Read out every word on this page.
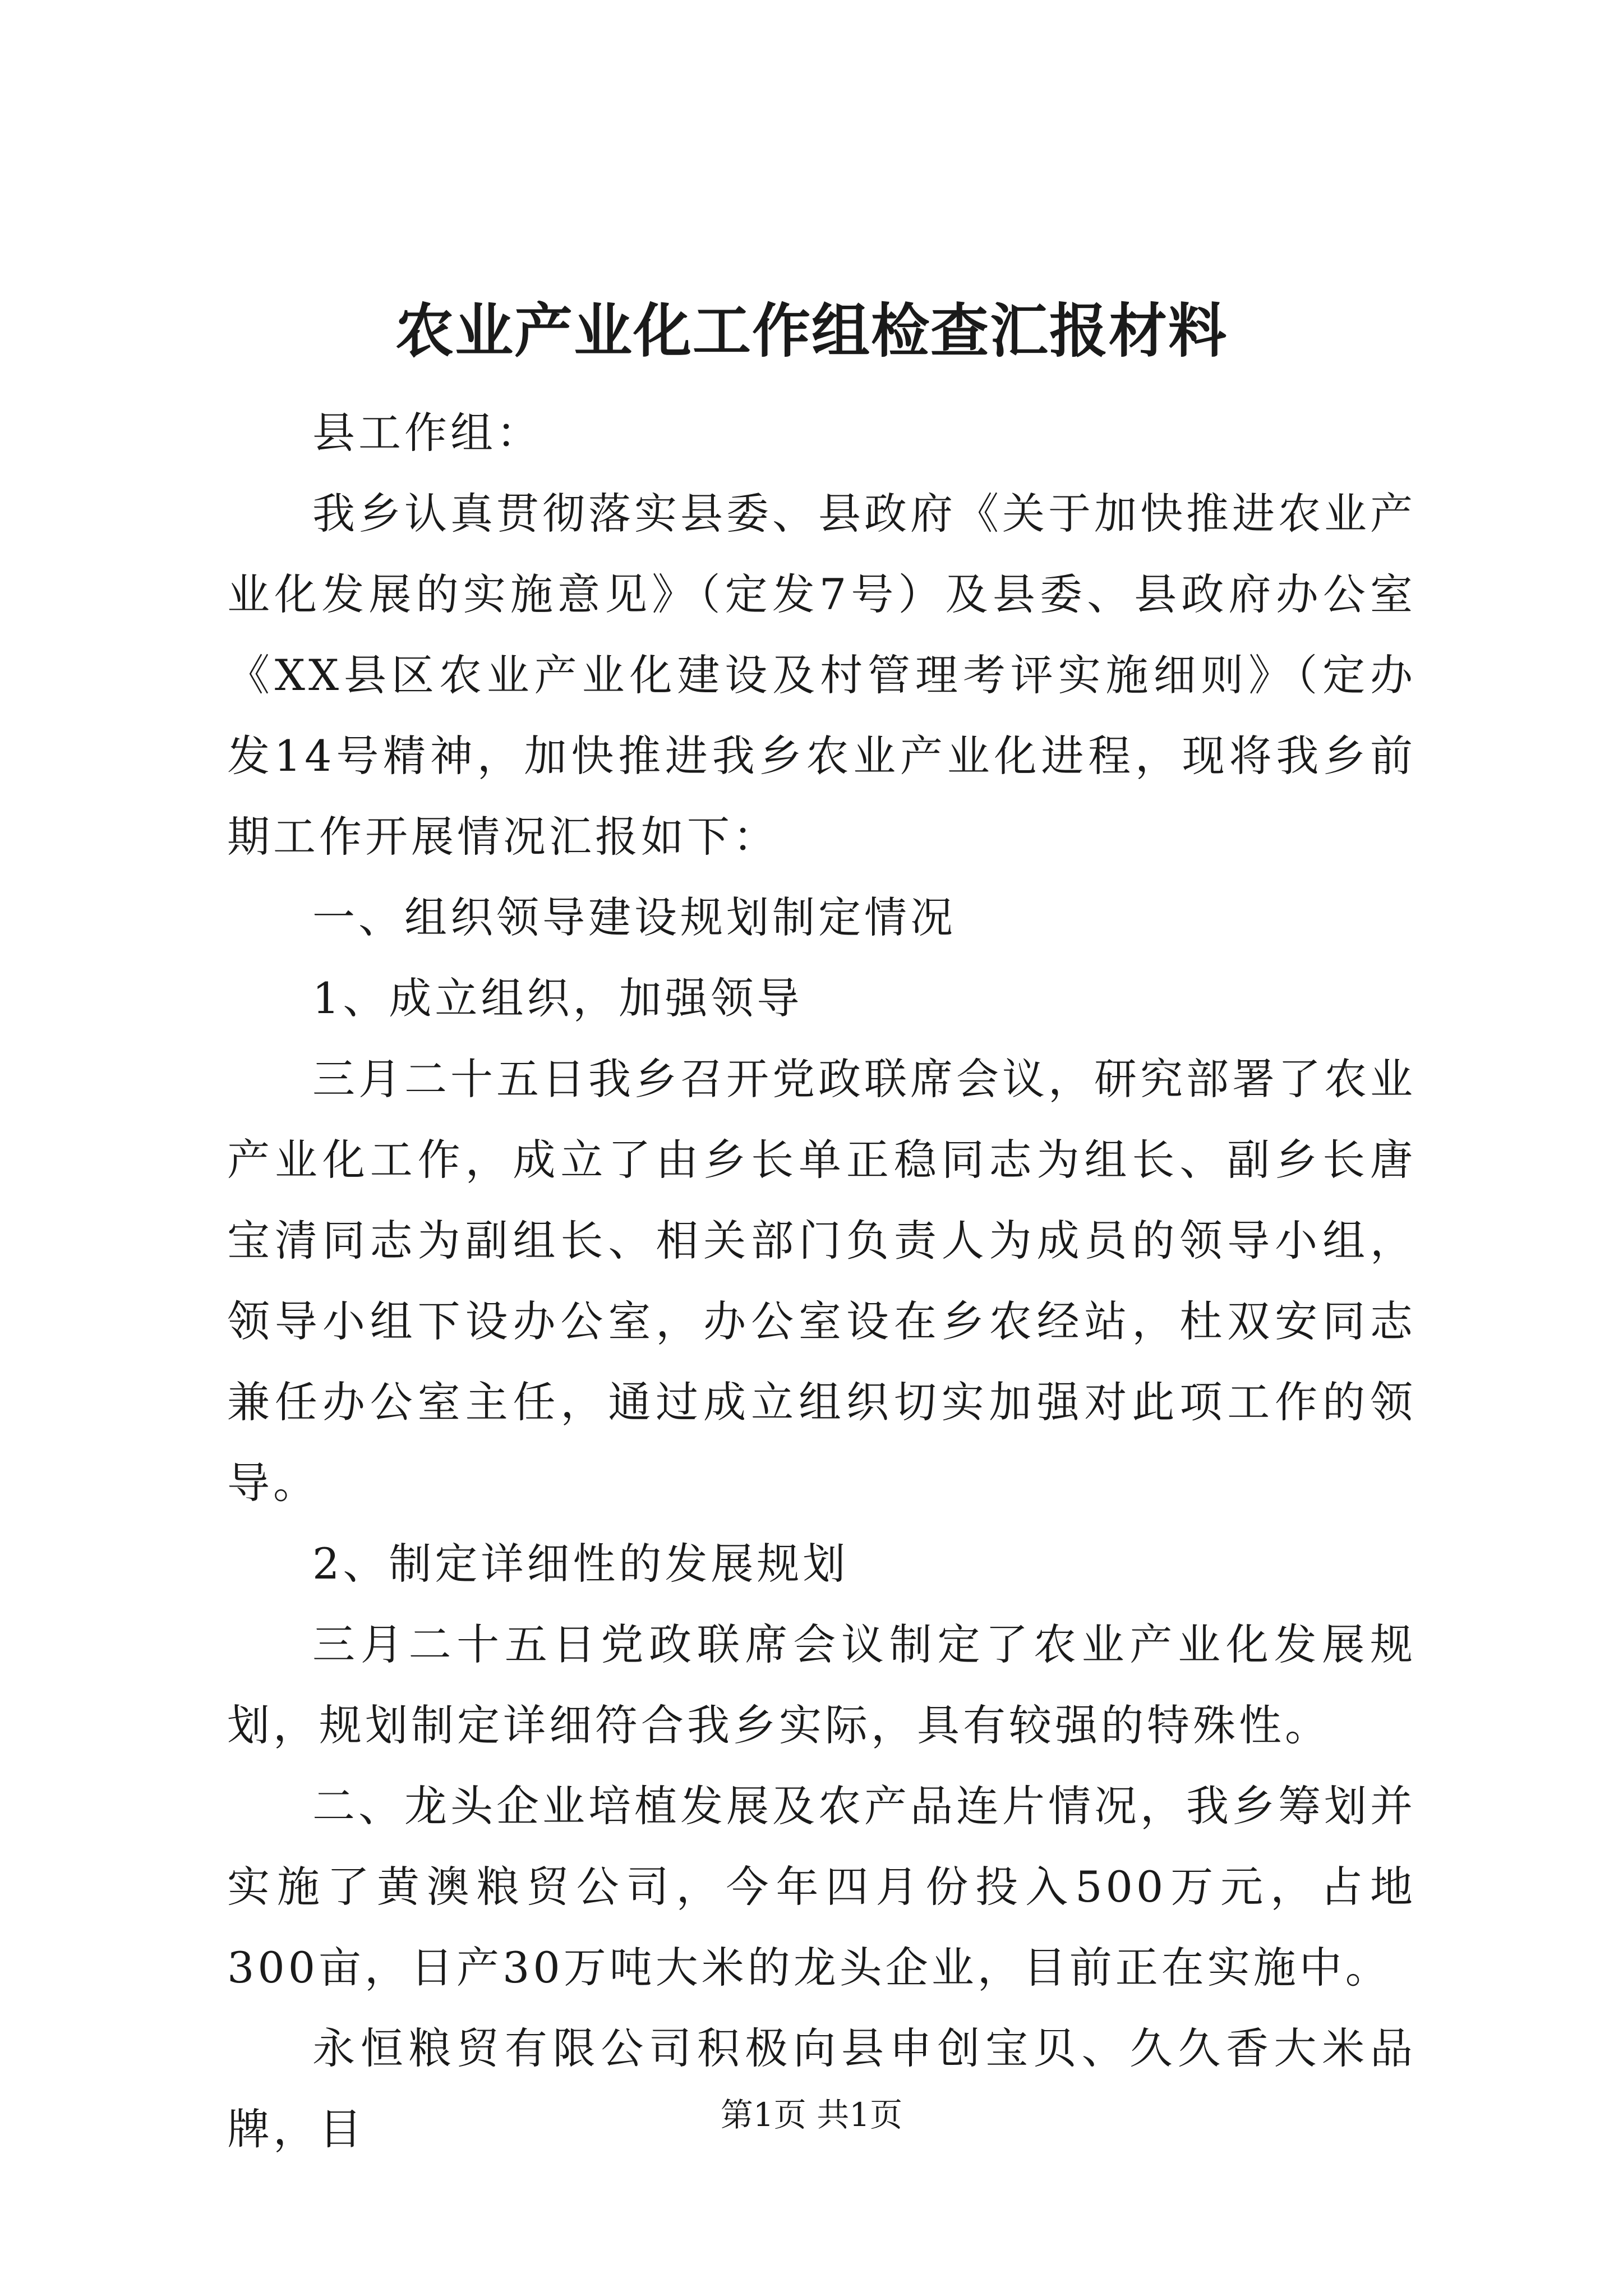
农业产业化工作组检查汇报材料

县工作组：

我乡认真贯彻落实县委、县政府《关于加快推进农业产业化发展的实施意见》（定发7号）及县委、县政府办公室《XX县区农业产业化建设及村管理考评实施细则》（定办发14号精神，加快推进我乡农业产业化进程，现将我乡前期工作开展情况汇报如下：

一、组织领导建设规划制定情况

1、成立组织，加强领导

三月二十五日我乡召开党政联席会议，研究部署了农业产业化工作，成立了由乡长单正稳同志为组长、副乡长唐宝清同志为副组长、相关部门负责人为成员的领导小组，领导小组下设办公室，办公室设在乡农经站，杜双安同志兼任办公室主任，通过成立组织切实加强对此项工作的领导。

2、制定详细性的发展规划

三月二十五日党政联席会议制定了农业产业化发展规划，规划制定详细符合我乡实际，具有较强的特殊性。

二、龙头企业培植发展及农产品连片情况，我乡筹划并实施了黄澳粮贸公司，今年四月份投入500万元，占地300亩，日产30万吨大米的龙头企业，目前正在实施中。

永恒粮贸有限公司积极向县申创宝贝、久久香大米品牌，目	第1页 共1页
